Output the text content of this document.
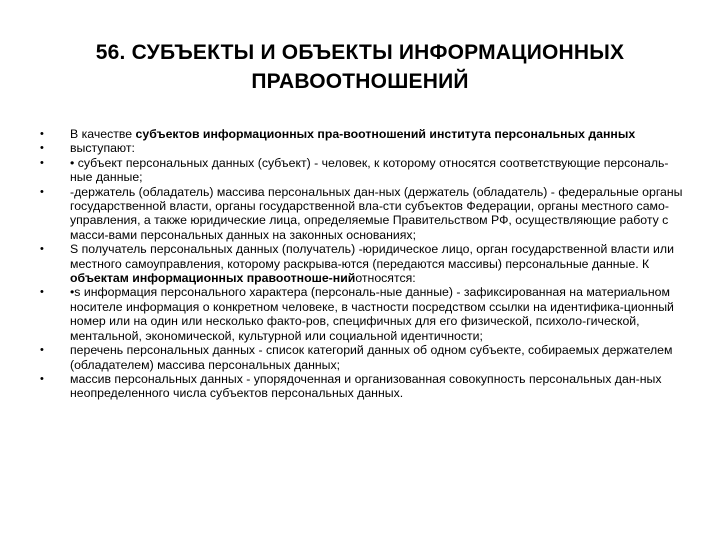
56. СУБЪЕКТЫ И ОБЪЕКТЫ ИНФОРМАЦИОННЫХ
ПРАВООТНОШЕНИЙ
•	В качестве субъектов информационных пра-воотношений института персональных данных
•	выступают:
•	• субъект персональных данных (субъект) - человек, к которому относятся соответствующие персональ-ные данные;
•	-держатель (обладатель) массива персональных дан-ных (держатель (обладатель) - федеральные органы государственной власти, органы государственной вла-сти субъектов Федерации, органы местного само-управления, а также юридические лица, определяемые Правительством РФ, осуществляющие работу с масси-вами персональных данных на законных основаниях;
•	S получатель персональных данных (получатель) -юридическое лицо, орган государственной власти или местного самоуправления, которому раскрыва-ются (передаются массивы) персональные данные. К объектам информационных правоотноше-нийотносятся:
•	•s информация персонального характера (персональ-ные данные) - зафиксированная на материальном носителе информация о конкретном человеке, в частности посредством ссылки на идентифика-ционный номер или на один или несколько факто-ров, специфичных для его физической, психоло-гической, ментальной, экономической, культурной или социальной идентичности;
•	перечень персональных данных - список категорий данных об одном субъекте, собираемых держателем (обладателем) массива персональных данных;
•	массив персональных данных - упорядоченная и организованная совокупность персональных дан-ных неопределенного числа субъектов персональных данных.
